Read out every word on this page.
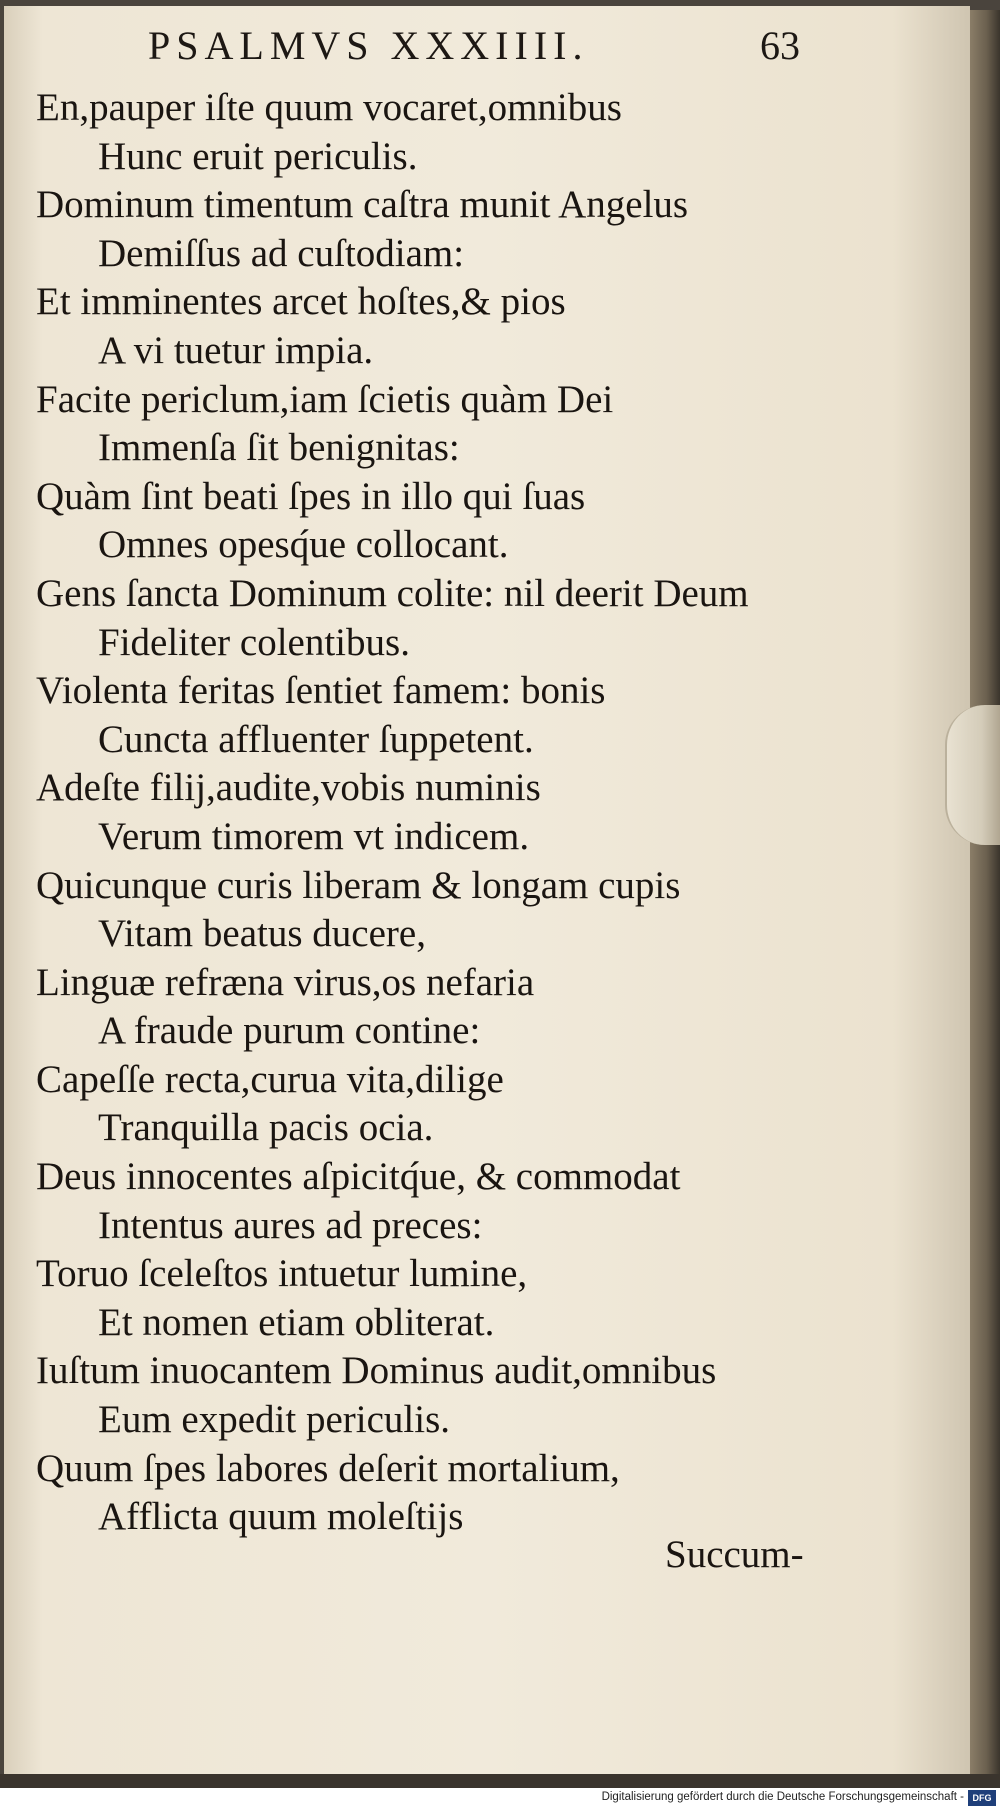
PSALMVS XXXIIII.	63
En,pauper iſte quum vocaret,omnibus
Hunc eruit periculis.
Dominum timentum caſtra munit Angelus
Demiſſus ad cuſtodiam:
Et imminentes arcet hoſtes,& pios
A vi tuetur impia.
Facite periclum,iam ſcietis quàm Dei
Immenſa ſit benignitas:
Quàm ſint beati ſpes in illo qui ſuas
Omnes opesq́ue collocant.
Gens ſancta Dominum colite: nil deerit Deum
Fideliter colentibus.
Violenta feritas ſentiet famem: bonis
Cuncta affluenter ſuppetent.
Adeſte filij,audite,vobis numinis
Verum timorem vt indicem.
Quicunque curis liberam & longam cupis
Vitam beatus ducere,
Linguæ refræna virus,os nefaria
A fraude purum contine:
Capeſſe recta,curua vita,dilige
Tranquilla pacis ocia.
Deus innocentes aſpicitq́ue, & commodat
Intentus aures ad preces:
Toruo ſceleſtos intuetur lumine,
Et nomen etiam obliterat.
Iuſtum inuocantem Dominus audit,omnibus
Eum expedit periculis.
Quum ſpes labores deſerit mortalium,
Afflicta quum moleſtijs
Succum-
Digitalisierung gefördert durch die Deutsche Forschungsgemeinschaft - DFG
